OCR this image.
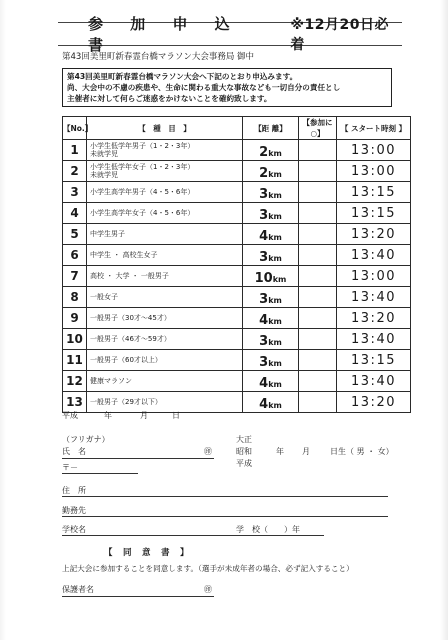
参 加 申 込 書
※12月20日必着
第43回美里町新春霊台橋マラソン大会事務局 御中
第43回美里町新春霊台橋マラソン大会へ下記のとおり申込みます。
尚、大会中の不慮の疾患や、生命に関わる重大な事故なども一切自分の責任とし
主催者に対して何らご迷惑をかけないことを確約致します。
【No.】	【　種　目　】	【距 離】	【参加に○】	【 スタート時刻 】
1	小学生低学年男子（1・2・3年）
未就学児	2km		13:00
2	小学生低学年女子（1・2・3年）
未就学児	2km		13:00
3	小学生高学年男子（4・5・6年）	3km		13:15
4	小学生高学年女子（4・5・6年）	3km		13:15
5	中学生男子	4km		13:20
6	中学生 ・ 高校生女子	3km		13:40
7	高校 ・ 大学 ・ 一般男子	10km		13:00
8	一般女子	3km		13:40
9	一般男子（30才～45才）	4km		13:20
10	一般男子（46才～59才）	3km		13:40
11	一般男子（60才以上）	3km		13:15
12	健康マラソン	4km		13:40
13	一般男子（29才以下）	4km		13:20
平成	年	月	日
（フリガナ）
氏　名	㊞
大正
昭和
平成
年 月	日生（ 男 ・ 女）
〒－
住　所
勤務先
学校名	学　校（　　）年
【　同　意　書　】
上記大会に参加することを同意します。（選手が未成年者の場合、必ず記入すること）
保護者名	㊞
